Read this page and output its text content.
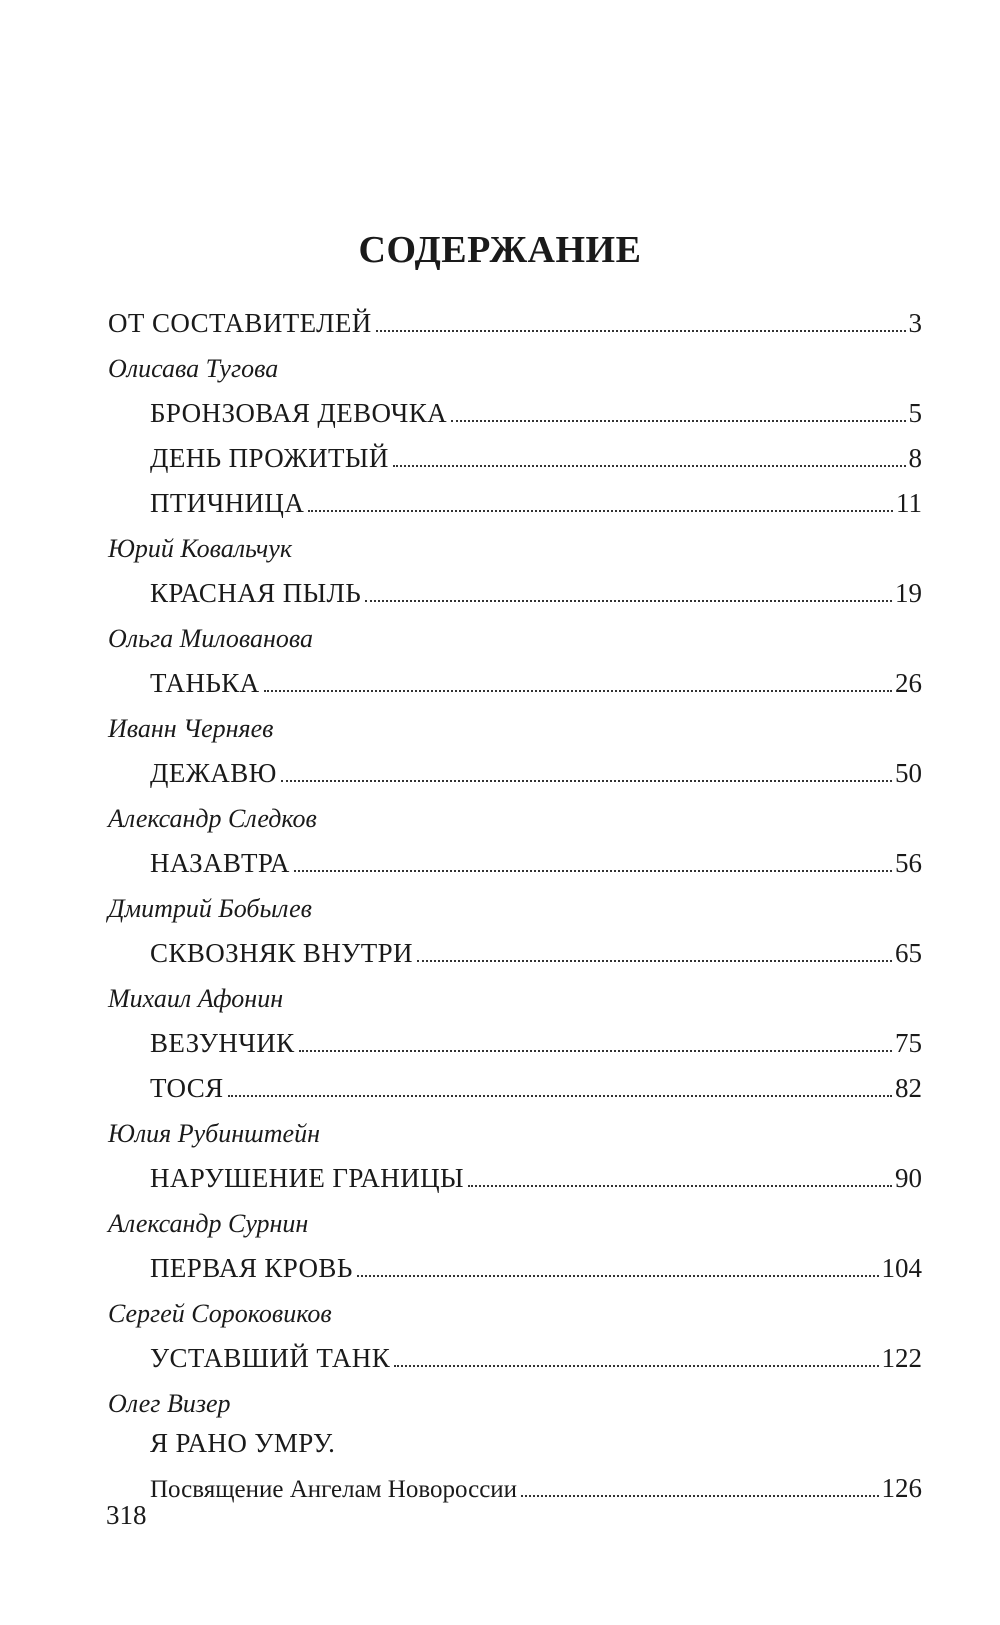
СОДЕРЖАНИЕ
ОТ СОСТАВИТЕЛЕЙ	3
Олисава Тугова
БРОНЗОВАЯ ДЕВОЧКА	5
ДЕНЬ ПРОЖИТЫЙ	8
ПТИЧНИЦА	11
Юрий Ковальчук
КРАСНАЯ ПЫЛЬ	19
Ольга Милованова
ТАНЬКА	26
Иванн Черняев
ДЕЖАВЮ	50
Александр Следков
НАЗАВТРА	56
Дмитрий Бобылев
СКВОЗНЯК ВНУТРИ	65
Михаил Афонин
ВЕЗУНЧИК	75
ТОСЯ	82
Юлия Рубинштейн
НАРУШЕНИЕ ГРАНИЦЫ	90
Александр Сурнин
ПЕРВАЯ КРОВЬ	104
Сергей Сороковиков
УСТАВШИЙ ТАНК	122
Олег Визер
Я РАНО УМРУ.
Посвящение Ангелам Новороссии	126
318
